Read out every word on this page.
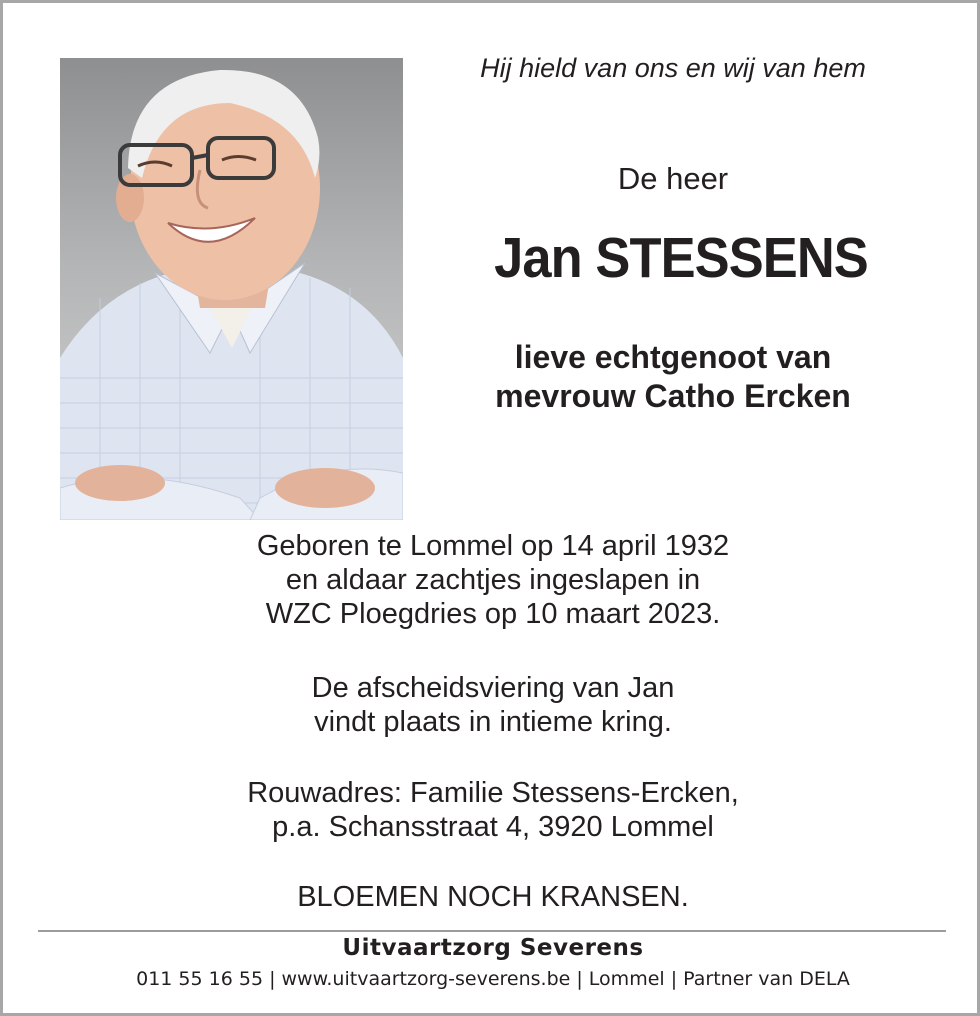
Hij hield van ons en wij van hem
De heer
Jan STESSENS
lieve echtgenoot van
mevrouw Catho Ercken
Geboren te Lommel op 14 april 1932
en aldaar zachtjes ingeslapen in
WZC Ploegdries op 10 maart 2023.
De afscheidsviering van Jan
vindt plaats in intieme kring.
Rouwadres: Familie Stessens-Ercken,
p.a. Schansstraat 4, 3920 Lommel
BLOEMEN NOCH KRANSEN.
Uitvaartzorg Severens
011 55 16 55 | www.uitvaartzorg-severens.be | Lommel | Partner van DELA
